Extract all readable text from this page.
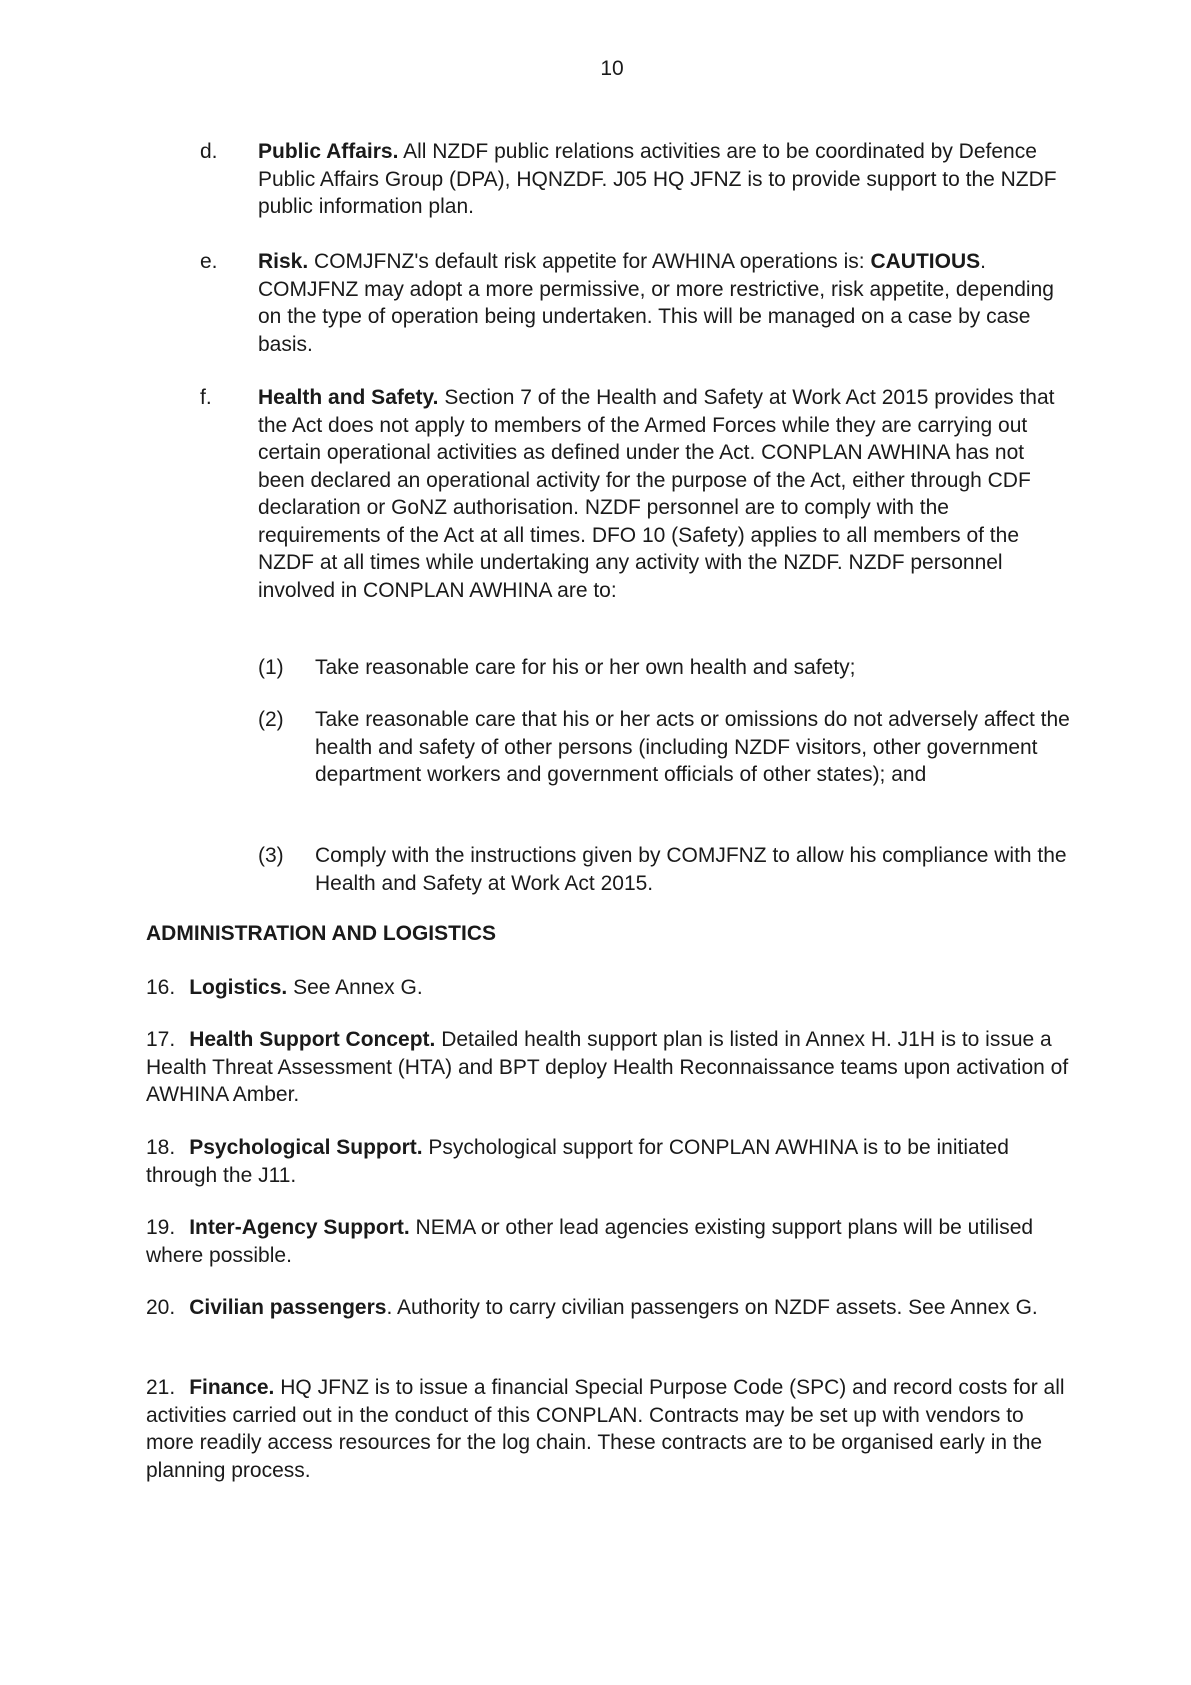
10
d. Public Affairs. All NZDF public relations activities are to be coordinated by Defence Public Affairs Group (DPA), HQNZDF. J05 HQ JFNZ is to provide support to the NZDF public information plan.
e. Risk. COMJFNZ's default risk appetite for AWHINA operations is: CAUTIOUS. COMJFNZ may adopt a more permissive, or more restrictive, risk appetite, depending on the type of operation being undertaken. This will be managed on a case by case basis.
f. Health and Safety. Section 7 of the Health and Safety at Work Act 2015 provides that the Act does not apply to members of the Armed Forces while they are carrying out certain operational activities as defined under the Act. CONPLAN AWHINA has not been declared an operational activity for the purpose of the Act, either through CDF declaration or GoNZ authorisation. NZDF personnel are to comply with the requirements of the Act at all times. DFO 10 (Safety) applies to all members of the NZDF at all times while undertaking any activity with the NZDF. NZDF personnel involved in CONPLAN AWHINA are to:
(1) Take reasonable care for his or her own health and safety;
(2) Take reasonable care that his or her acts or omissions do not adversely affect the health and safety of other persons (including NZDF visitors, other government department workers and government officials of other states); and
(3) Comply with the instructions given by COMJFNZ to allow his compliance with the Health and Safety at Work Act 2015.
ADMINISTRATION AND LOGISTICS
16. Logistics. See Annex G.
17. Health Support Concept. Detailed health support plan is listed in Annex H. J1H is to issue a Health Threat Assessment (HTA) and BPT deploy Health Reconnaissance teams upon activation of AWHINA Amber.
18. Psychological Support. Psychological support for CONPLAN AWHINA is to be initiated through the J11.
19. Inter-Agency Support. NEMA or other lead agencies existing support plans will be utilised where possible.
20. Civilian passengers. Authority to carry civilian passengers on NZDF assets. See Annex G.
21. Finance. HQ JFNZ is to issue a financial Special Purpose Code (SPC) and record costs for all activities carried out in the conduct of this CONPLAN. Contracts may be set up with vendors to more readily access resources for the log chain. These contracts are to be organised early in the planning process.
